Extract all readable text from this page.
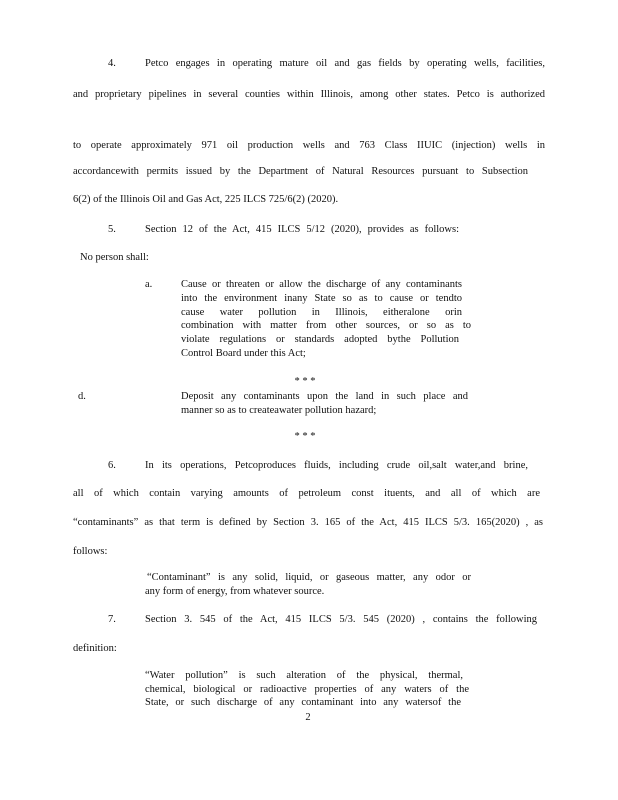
4.	Petco engages in operating mature oil and gas fields by operating wells, facilities,
and proprietary pipelines in several counties within Illinois, among other states. Petco is authorized
to operate approximately 971 oil production wells and 763 Class IIUIC (injection) wells in
accordancewith permits issued by the Department of Natural Resources pursuant to Subsection
6(2) of the Illinois Oil and Gas Act, 225 ILCS 725/6(2) (2020).
5.	Section 12 of the Act, 415 ILCS 5/12 (2020), provides as follows:
No person shall:
a.	Cause or threaten or allow the discharge of any contaminants
into the environment inany State so as to cause or tendto
cause water pollution in Illinois, eitheralone orin
combination with matter from other sources, or so as to
violate regulations or standards adopted bythe Pollution
Control Board under this Act;
* * *
d.	Deposit any contaminants upon the land in such place and
manner so as to createawater pollution hazard;
* * *
6.	In its operations, Petcoproduces fluids, including crude oil,salt water,and brine,
all of which contain varying amounts of petroleum const ituents, and all of which are
“contaminants” as that term is defined by Section 3. 165 of the Act, 415 ILCS 5/3. 165(2020) , as
follows:
“Contaminant” is any solid, liquid, or gaseous matter, any odor or
any form of energy, from whatever source.
7.	Section 3. 545 of the Act, 415 ILCS 5/3. 545 (2020) , contains the following
definition:
“Water pollution” is such alteration of the physical, thermal,
chemical, biological or radioactive properties of any waters of the
State, or such discharge of any contaminant into any watersof the
2
